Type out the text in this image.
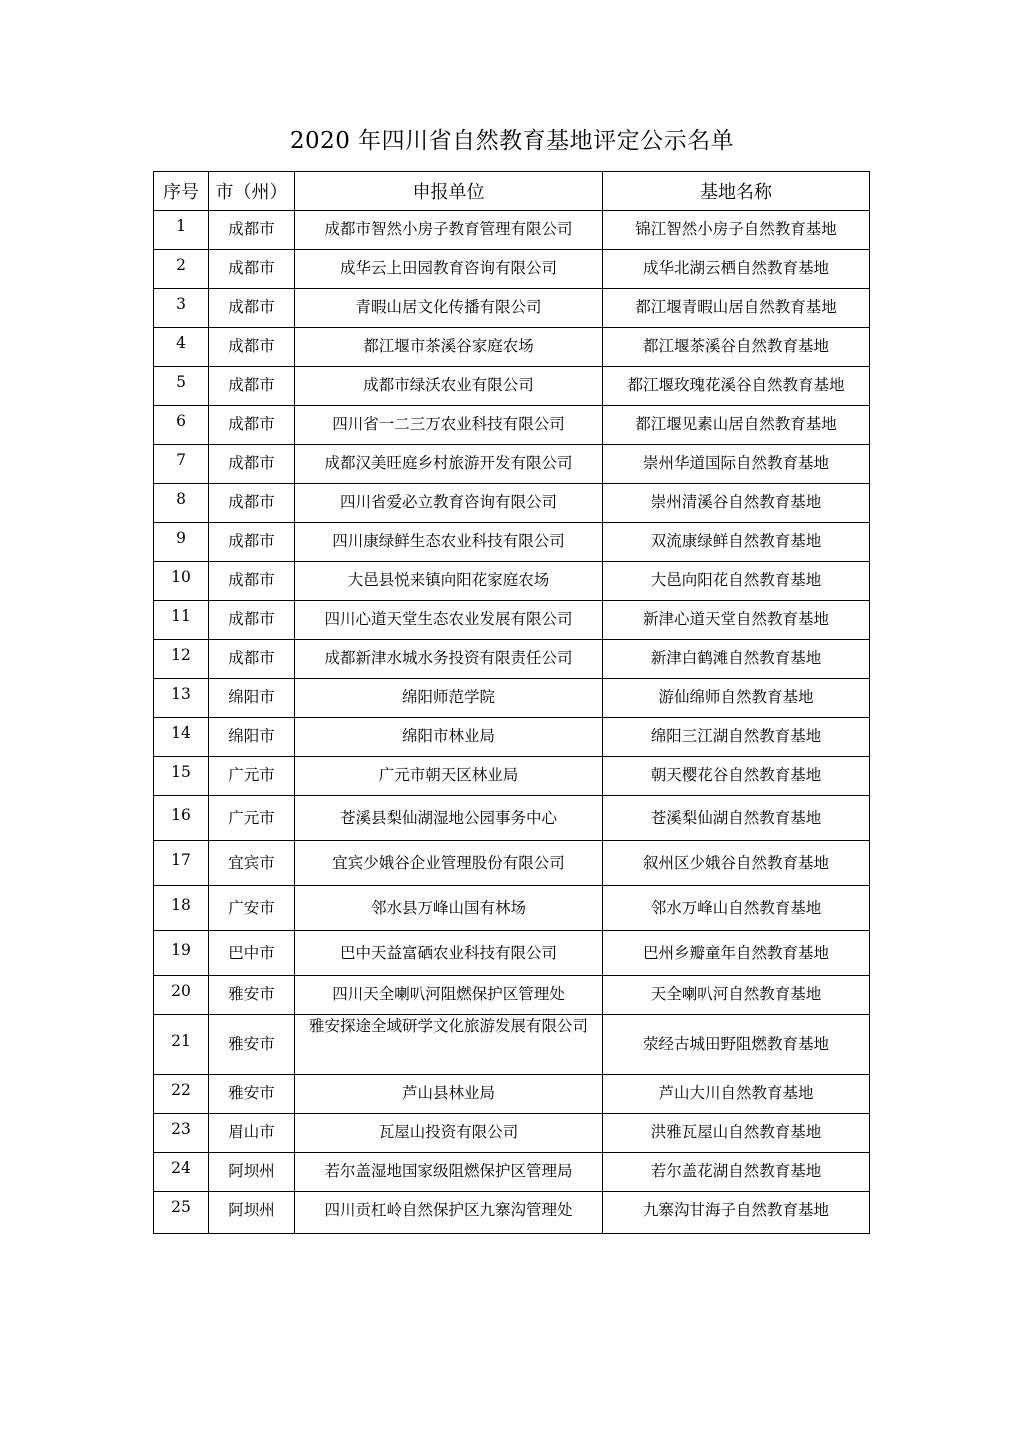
2020 年四川省自然教育基地评定公示名单
序号	市（州）	申报单位	基地名称
1	成都市	成都市智然小房子教育管理有限公司	锦江智然小房子自然教育基地
2	成都市	成华云上田园教育咨询有限公司	成华北湖云栖自然教育基地
3	成都市	青暇山居文化传播有限公司	都江堰青暇山居自然教育基地
4	成都市	都江堰市茶溪谷家庭农场	都江堰茶溪谷自然教育基地
5	成都市	成都市绿沃农业有限公司	都江堰玫瑰花溪谷自然教育基地
6	成都市	四川省一二三万农业科技有限公司	都江堰见素山居自然教育基地
7	成都市	成都汉美旺庭乡村旅游开发有限公司	崇州华道国际自然教育基地
8	成都市	四川省爱必立教育咨询有限公司	崇州清溪谷自然教育基地
9	成都市	四川康绿鲜生态农业科技有限公司	双流康绿鲜自然教育基地
10	成都市	大邑县悦来镇向阳花家庭农场	大邑向阳花自然教育基地
11	成都市	四川心道天堂生态农业发展有限公司	新津心道天堂自然教育基地
12	成都市	成都新津水城水务投资有限责任公司	新津白鹤滩自然教育基地
13	绵阳市	绵阳师范学院	游仙绵师自然教育基地
14	绵阳市	绵阳市林业局	绵阳三江湖自然教育基地
15	广元市	广元市朝天区林业局	朝天樱花谷自然教育基地
16	广元市	苍溪县梨仙湖湿地公园事务中心	苍溪梨仙湖自然教育基地
17	宜宾市	宜宾少娥谷企业管理股份有限公司	叙州区少娥谷自然教育基地
18	广安市	邻水县万峰山国有林场	邻水万峰山自然教育基地
19	巴中市	巴中天益富硒农业科技有限公司	巴州乡瓣童年自然教育基地
20	雅安市	四川天全喇叭河阻燃保护区管理处	天全喇叭河自然教育基地
21	雅安市	雅安探途全域研学文化旅游发展有限公司	荥经古城田野阻燃教育基地
22	雅安市	芦山县林业局	芦山大川自然教育基地
23	眉山市	瓦屋山投资有限公司	洪雅瓦屋山自然教育基地
24	阿坝州	若尔盖湿地国家级阻燃保护区管理局	若尔盖花湖自然教育基地
25	阿坝州	四川贡杠岭自然保护区九寨沟管理处	九寨沟甘海子自然教育基地
